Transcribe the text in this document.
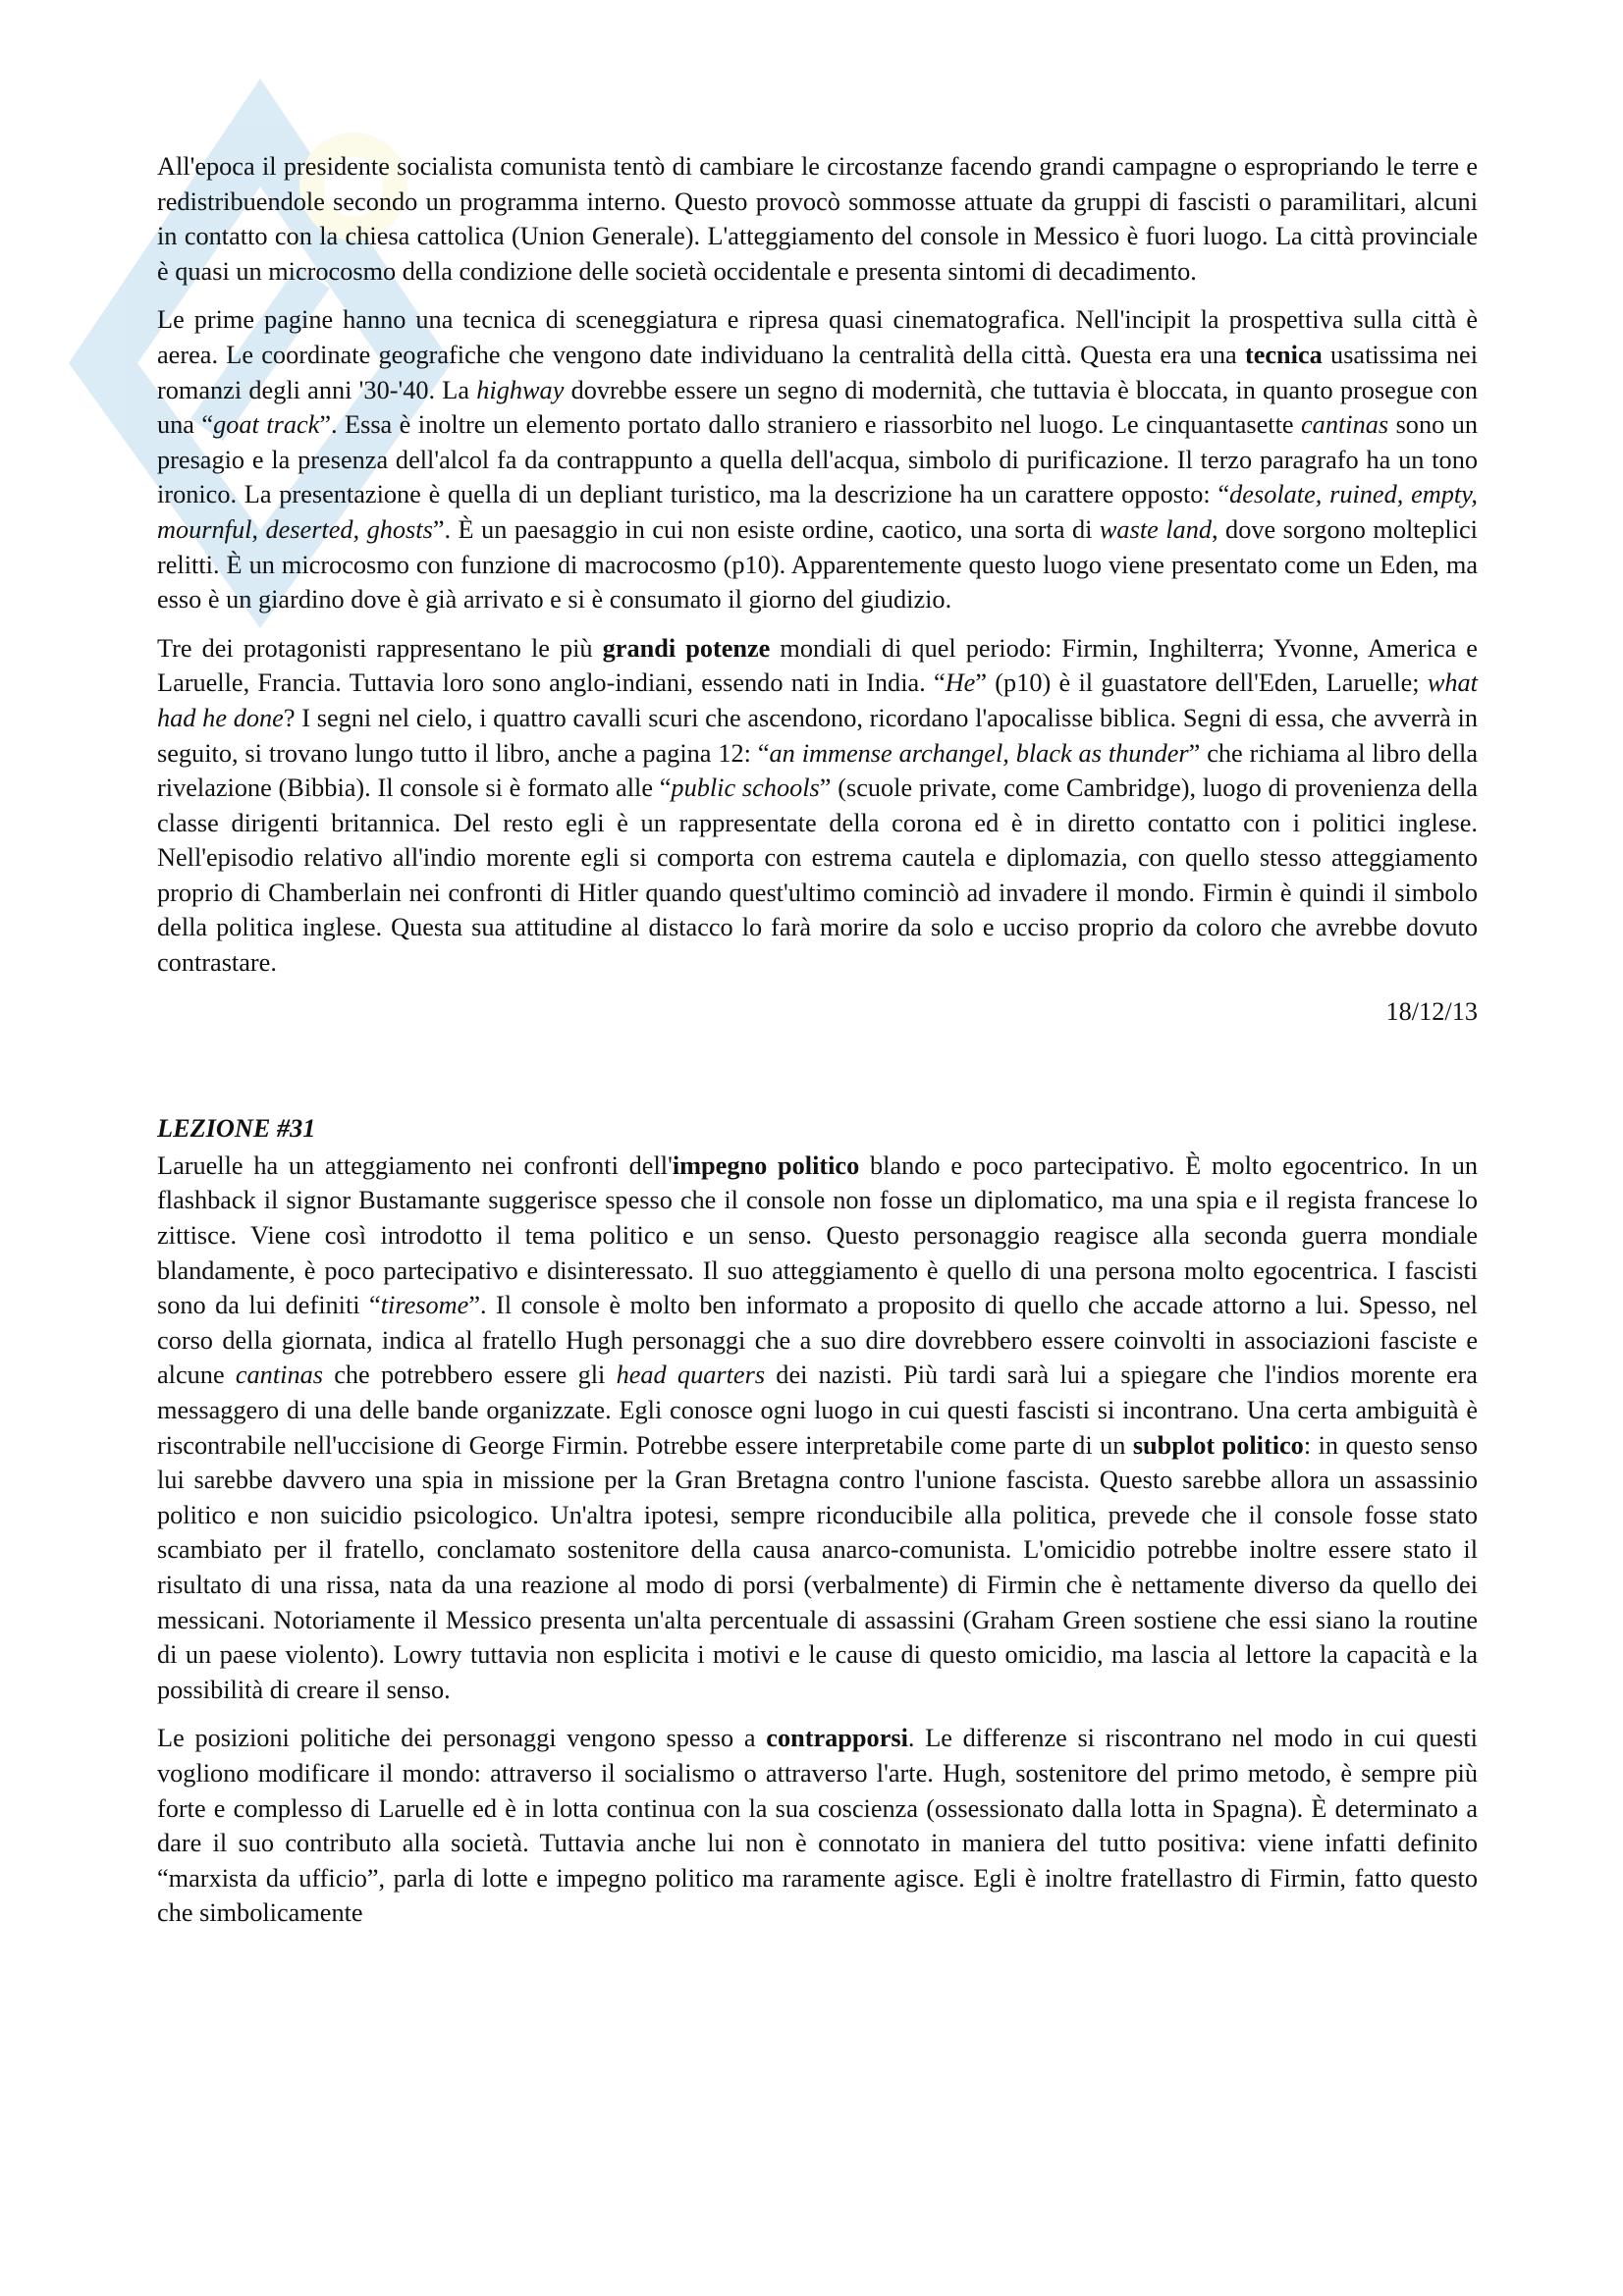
All'epoca il presidente socialista comunista tentò di cambiare le circostanze facendo grandi campagne o espropriando le terre e redistribuendole secondo un programma interno. Questo provocò sommosse attuate da gruppi di fascisti o paramilitari, alcuni in contatto con la chiesa cattolica (Union Generale). L'atteggiamento del console in Messico è fuori luogo. La città provinciale è quasi un microcosmo della condizione delle società occidentale e presenta sintomi di decadimento.

Le prime pagine hanno una tecnica di sceneggiatura e ripresa quasi cinematografica. Nell'incipit la prospettiva sulla città è aerea. Le coordinate geografiche che vengono date individuano la centralità della città. Questa era una tecnica usatissima nei romanzi degli anni '30-'40. La highway dovrebbe essere un segno di modernità, che tuttavia è bloccata, in quanto prosegue con una “goat track”. Essa è inoltre un elemento portato dallo straniero e riassorbito nel luogo. Le cinquantasette cantinas sono un presagio e la presenza dell'alcol fa da contrappunto a quella dell'acqua, simbolo di purificazione. Il terzo paragrafo ha un tono ironico. La presentazione è quella di un depliant turistico, ma la descrizione ha un carattere opposto: “desolate, ruined, empty, mournful, deserted, ghosts”. È un paesaggio in cui non esiste ordine, caotico, una sorta di waste land, dove sorgono molteplici relitti. È un microcosmo con funzione di macrocosmo (p10). Apparentemente questo luogo viene presentato come un Eden, ma esso è un giardino dove è già arrivato e si è consumato il giorno del giudizio.

Tre dei protagonisti rappresentano le più grandi potenze mondiali di quel periodo: Firmin, Inghilterra; Yvonne, America e Laruelle, Francia. Tuttavia loro sono anglo-indiani, essendo nati in India. “He” (p10) è il guastatore dell'Eden, Laruelle; what had he done? I segni nel cielo, i quattro cavalli scuri che ascendono, ricordano l'apocalisse biblica. Segni di essa, che avverrà in seguito, si trovano lungo tutto il libro, anche a pagina 12: “an immense archangel, black as thunder” che richiama al libro della rivelazione (Bibbia). Il console si è formato alle “public schools” (scuole private, come Cambridge), luogo di provenienza della classe dirigenti britannica. Del resto egli è un rappresentate della corona ed è in diretto contatto con i politici inglese. Nell'episodio relativo all'indio morente egli si comporta con estrema cautela e diplomazia, con quello stesso atteggiamento proprio di Chamberlain nei confronti di Hitler quando quest'ultimo cominciò ad invadere il mondo. Firmin è quindi il simbolo della politica inglese. Questa sua attitudine al distacco lo farà morire da solo e ucciso proprio da coloro che avrebbe dovuto contrastare.

18/12/13

LEZIONE #31

Laruelle ha un atteggiamento nei confronti dell'impegno politico blando e poco partecipativo. È molto egocentrico. In un flashback il signor Bustamante suggerisce spesso che il console non fosse un diplomatico, ma una spia e il regista francese lo zittisce. Viene così introdotto il tema politico e un senso. Questo personaggio reagisce alla seconda guerra mondiale blandamente, è poco partecipativo e disinteressato. Il suo atteggiamento è quello di una persona molto egocentrica. I fascisti sono da lui definiti “tiresome”. Il console è molto ben informato a proposito di quello che accade attorno a lui. Spesso, nel corso della giornata, indica al fratello Hugh personaggi che a suo dire dovrebbero essere coinvolti in associazioni fasciste e alcune cantinas che potrebbero essere gli head quarters dei nazisti. Più tardi sarà lui a spiegare che l'indios morente era messaggero di una delle bande organizzate. Egli conosce ogni luogo in cui questi fascisti si incontrano. Una certa ambiguità è riscontrabile nell'uccisione di George Firmin. Potrebbe essere interpretabile come parte di un subplot politico: in questo senso lui sarebbe davvero una spia in missione per la Gran Bretagna contro l'unione fascista. Questo sarebbe allora un assassinio politico e non suicidio psicologico. Un'altra ipotesi, sempre riconducibile alla politica, prevede che il console fosse stato scambiato per il fratello, conclamato sostenitore della causa anarco-comunista. L'omicidio potrebbe inoltre essere stato il risultato di una rissa, nata da una reazione al modo di porsi (verbalmente) di Firmin che è nettamente diverso da quello dei messicani. Notoriamente il Messico presenta un'alta percentuale di assassini (Graham Green sostiene che essi siano la routine di un paese violento). Lowry tuttavia non esplicita i motivi e le cause di questo omicidio, ma lascia al lettore la capacità e la possibilità di creare il senso.

Le posizioni politiche dei personaggi vengono spesso a contrapporsi. Le differenze si riscontrano nel modo in cui questi vogliono modificare il mondo: attraverso il socialismo o attraverso l'arte. Hugh, sostenitore del primo metodo, è sempre più forte e complesso di Laruelle ed è in lotta continua con la sua coscienza (ossessionato dalla lotta in Spagna). È determinato a dare il suo contributo alla società. Tuttavia anche lui non è connotato in maniera del tutto positiva: viene infatti definito “marxista da ufficio”, parla di lotte e impegno politico ma raramente agisce. Egli è inoltre fratellastro di Firmin, fatto questo che simbolicamente
